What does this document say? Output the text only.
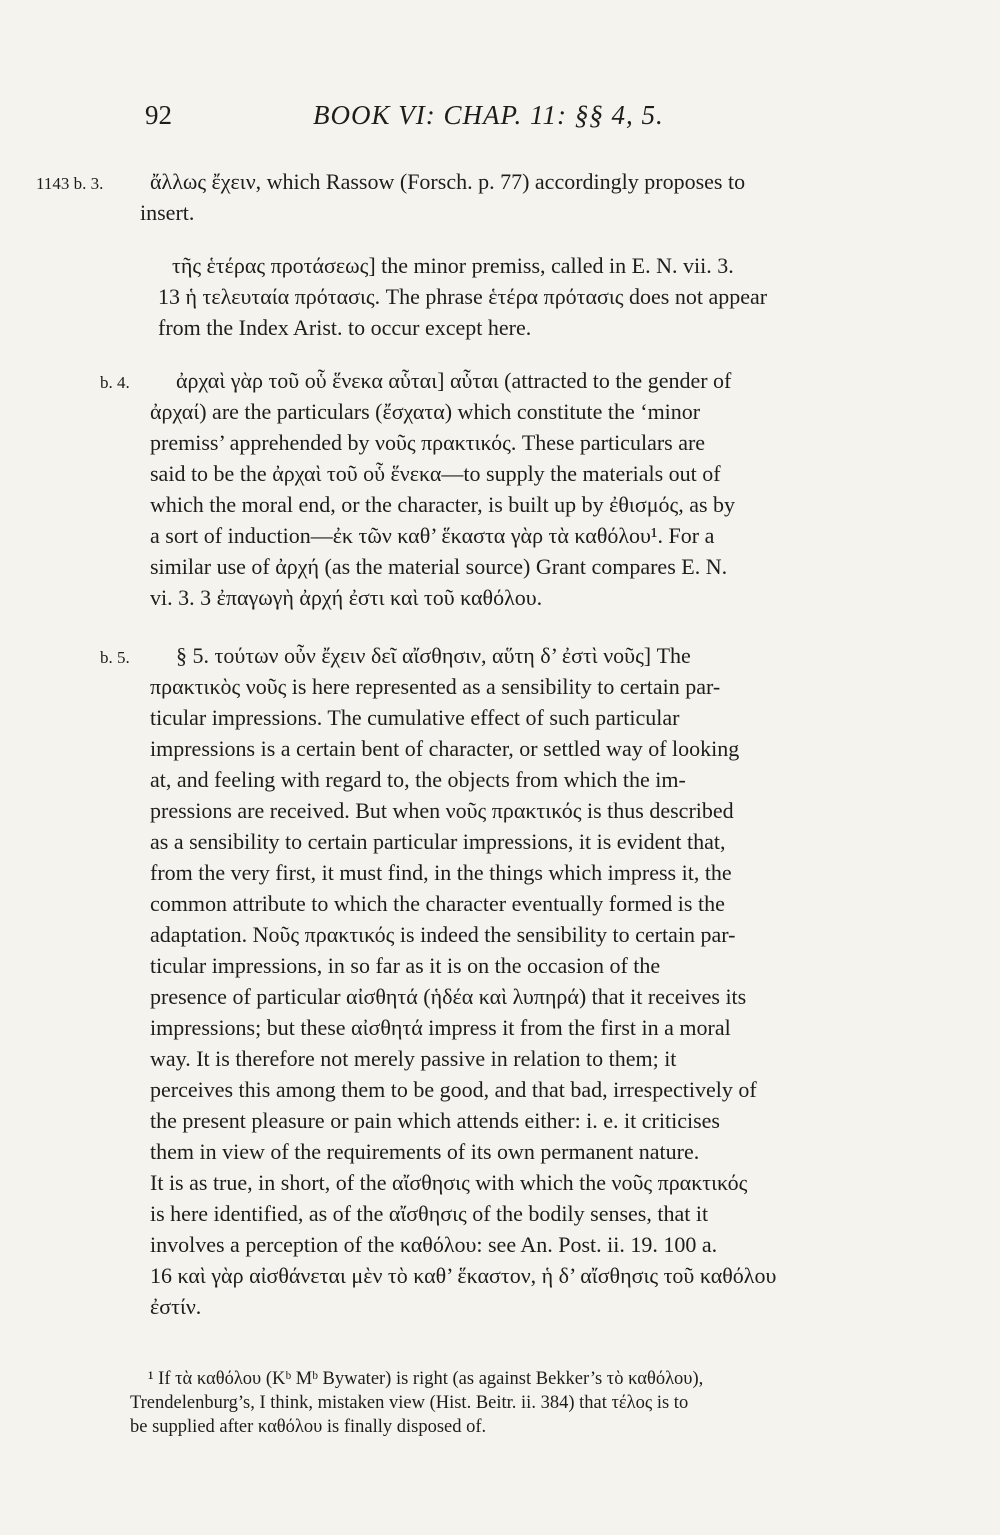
92	BOOK VI: CHAP. 11: §§ 4, 5.
1143 b. 3. ἄλλως ἔχειν, which Rassow (Forsch. p. 77) accordingly proposes to
insert.
τῆς ἑτέρας προτάσεως] the minor premiss, called in E. N. vii. 3.
13 ἡ τελευταία πρότασις. The phrase ἑτέρα πρότασις does not appear
from the Index Arist. to occur except here.
b. 4. ἀρχαὶ γὰρ τοῦ οὗ ἕνεκα αὗται] αὗται (attracted to the gender of
ἀρχαί) are the particulars (ἔσχατα) which constitute the ‘minor
premiss’ apprehended by νοῦς πρακτικός. These particulars are
said to be the ἀρχαὶ τοῦ οὗ ἕνεκα—to supply the materials out of
which the moral end, or the character, is built up by ἐθισμός, as by
a sort of induction—ἐκ τῶν καθ’ ἕκαστα γὰρ τὰ καθόλου¹. For a
similar use of ἀρχή (as the material source) Grant compares E. N.
vi. 3. 3 ἐπαγωγὴ ἀρχή ἐστι καὶ τοῦ καθόλου.
b. 5. § 5. τούτων οὖν ἔχειν δεῖ αἴσθησιν, αὕτη δ’ ἐστὶ νοῦς] The
πρακτικὸς νοῦς is here represented as a sensibility to certain par-
ticular impressions. The cumulative effect of such particular
impressions is a certain bent of character, or settled way of looking
at, and feeling with regard to, the objects from which the im-
pressions are received. But when νοῦς πρακτικός is thus described
as a sensibility to certain particular impressions, it is evident that,
from the very first, it must find, in the things which impress it, the
common attribute to which the character eventually formed is the
adaptation. Νοῦς πρακτικός is indeed the sensibility to certain par-
ticular impressions, in so far as it is on the occasion of the
presence of particular αἰσθητά (ἡδέα καὶ λυπηρά) that it receives its
impressions; but these αἰσθητά impress it from the first in a moral
way. It is therefore not merely passive in relation to them; it
perceives this among them to be good, and that bad, irrespectively of
the present pleasure or pain which attends either: i. e. it criticises
them in view of the requirements of its own permanent nature.
It is as true, in short, of the αἴσθησις with which the νοῦς πρακτικός
is here identified, as of the αἴσθησις of the bodily senses, that it
involves a perception of the καθόλου: see An. Post. ii. 19. 100 a.
16 καὶ γὰρ αἰσθάνεται μὲν τὸ καθ’ ἕκαστον, ἡ δ’ αἴσθησις τοῦ καθόλου
ἐστίν.
¹ If τὰ καθόλου (Kᵇ Mᵇ Bywater) is right (as against Bekker’s τὸ καθόλου),
Trendelenburg’s, I think, mistaken view (Hist. Beitr. ii. 384) that τέλος is to
be supplied after καθόλου is finally disposed of.
